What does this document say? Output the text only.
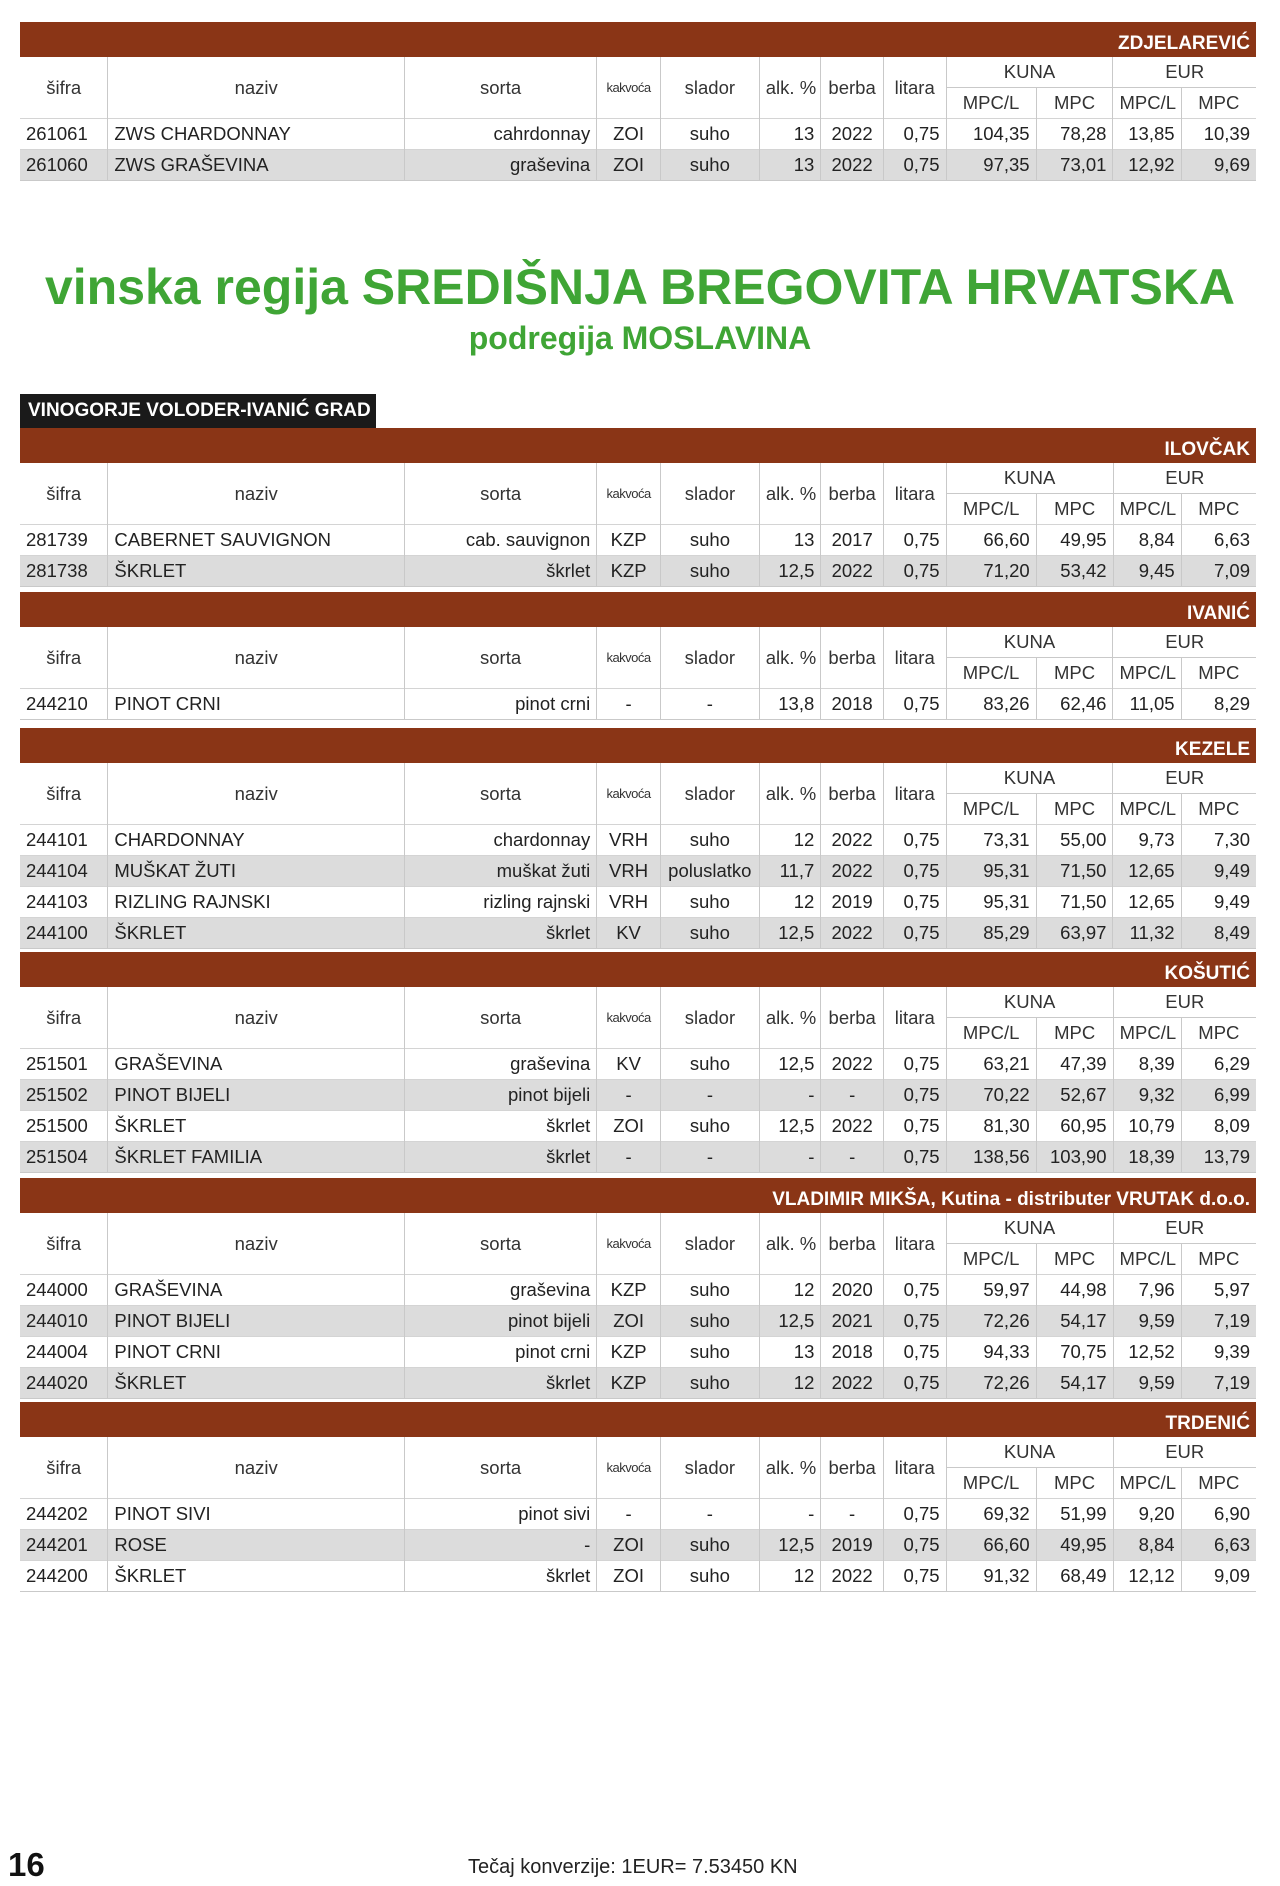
vinska regija SREDIŠNJA BREGOVITA HRVATSKA
podregija MOSLAVINA
VINOGORJE VOLODER-IVANIĆ GRAD
ZDJELAREVIĆ											
šifra	naziv	sorta	kakvoća	slador	alk. %	berba	litara	KUNA		EUR	
								MPC/L	MPC	MPC/L	MPC
261061	ZWS CHARDONNAY	cahrdonnay	ZOI	suho	13	2022	0,75	104,35	78,28	13,85	10,39
261060	ZWS GRAŠEVINA	graševina	ZOI	suho	13	2022	0,75	97,35	73,01	12,92	9,69
ILOVČAK											
šifra	naziv	sorta	kakvoća	slador	alk. %	berba	litara	KUNA		EUR	
								MPC/L	MPC	MPC/L	MPC
281739	CABERNET SAUVIGNON	cab. sauvignon	KZP	suho	13	2017	0,75	66,60	49,95	8,84	6,63
281738	ŠKRLET	škrlet	KZP	suho	12,5	2022	0,75	71,20	53,42	9,45	7,09
IVANIĆ											
šifra	naziv	sorta	kakvoća	slador	alk. %	berba	litara	KUNA		EUR	
								MPC/L	MPC	MPC/L	MPC
244210	PINOT CRNI	pinot crni	-	-	13,8	2018	0,75	83,26	62,46	11,05	8,29
KEZELE											
šifra	naziv	sorta	kakvoća	slador	alk. %	berba	litara	KUNA		EUR	
								MPC/L	MPC	MPC/L	MPC
244101	CHARDONNAY	chardonnay	VRH	suho	12	2022	0,75	73,31	55,00	9,73	7,30
244104	MUŠKAT ŽUTI	muškat žuti	VRH	poluslatko	11,7	2022	0,75	95,31	71,50	12,65	9,49
244103	RIZLING RAJNSKI	rizling rajnski	VRH	suho	12	2019	0,75	95,31	71,50	12,65	9,49
244100	ŠKRLET	škrlet	KV	suho	12,5	2022	0,75	85,29	63,97	11,32	8,49
KOŠUTIĆ											
šifra	naziv	sorta	kakvoća	slador	alk. %	berba	litara	KUNA		EUR	
								MPC/L	MPC	MPC/L	MPC
251501	GRAŠEVINA	graševina	KV	suho	12,5	2022	0,75	63,21	47,39	8,39	6,29
251502	PINOT BIJELI	pinot bijeli	-	-	-	-	0,75	70,22	52,67	9,32	6,99
251500	ŠKRLET	škrlet	ZOI	suho	12,5	2022	0,75	81,30	60,95	10,79	8,09
251504	ŠKRLET FAMILIA	škrlet	-	-	-	-	0,75	138,56	103,90	18,39	13,79
VLADIMIR MIKŠA, Kutina - distributer VRUTAK d.o.o.											
šifra	naziv	sorta	kakvoća	slador	alk. %	berba	litara	KUNA		EUR	
								MPC/L	MPC	MPC/L	MPC
244000	GRAŠEVINA	graševina	KZP	suho	12	2020	0,75	59,97	44,98	7,96	5,97
244010	PINOT BIJELI	pinot bijeli	ZOI	suho	12,5	2021	0,75	72,26	54,17	9,59	7,19
244004	PINOT CRNI	pinot crni	KZP	suho	13	2018	0,75	94,33	70,75	12,52	9,39
244020	ŠKRLET	škrlet	KZP	suho	12	2022	0,75	72,26	54,17	9,59	7,19
TRDENIĆ											
šifra	naziv	sorta	kakvoća	slador	alk. %	berba	litara	KUNA		EUR	
								MPC/L	MPC	MPC/L	MPC
244202	PINOT SIVI	pinot sivi	-	-	-	-	0,75	69,32	51,99	9,20	6,90
244201	ROSE	-	ZOI	suho	12,5	2019	0,75	66,60	49,95	8,84	6,63
244200	ŠKRLET	škrlet	ZOI	suho	12	2022	0,75	91,32	68,49	12,12	9,09
16	Tečaj konverzije: 1EUR= 7.53450 KN
